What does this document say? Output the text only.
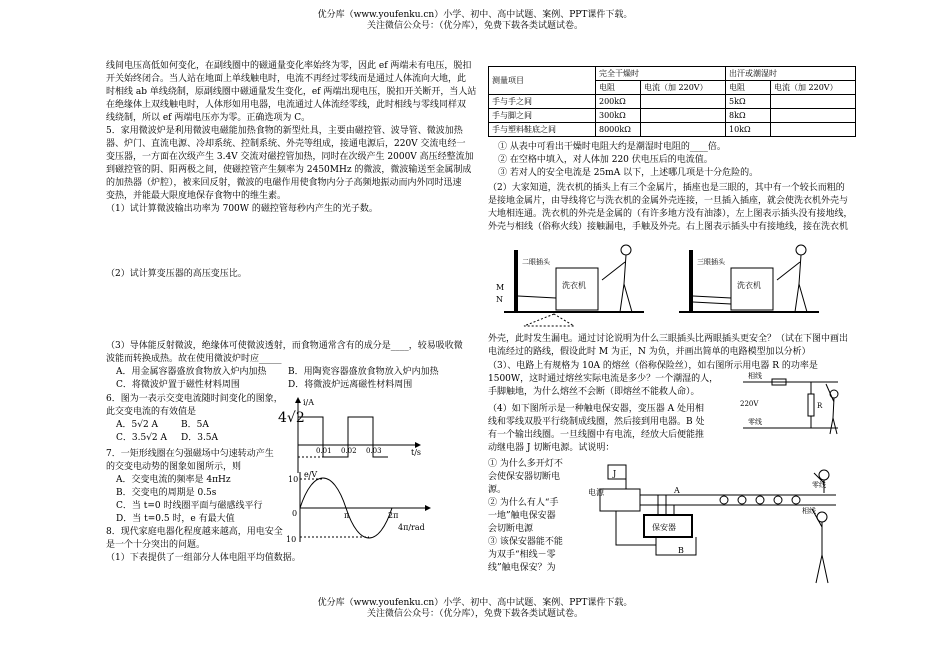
优分库（www.youfenku.cn）小学、初中、高中试题、案例、PPT课件下载。
关注微信公众号：（优分库），免费下载各类试题试卷。
线间电压高低如何变化，在副线圈中的磁通量变化率始终为零，因此 ef 两端未有电压，脱扣
开关始终闭合。当人站在地面上单线触电时，电流不再经过零线而是通过人体流向大地，此
时相线 ab 单线绕制，原副线圈中磁通量发生变化，ef 两端出现电压，脱扣开关断开，当人站
在绝缘体上双线触电时，人体形如用电器，电流通过人体流经零线，此时相线与零线同样双
线绕制，所以 ef 两端电压亦为零。正确选项为 C。
5．家用微波炉是利用微波电磁能加热食物的新型灶具，主要由磁控管、波导管、微波加热
器、炉门、直流电源、冷却系统、控制系统、外壳等组成，接通电源后，220V 交流电经一
变压器，一方面在次级产生 3.4V 交流对磁控管加热，同时在次级产生 2000V 高压经整流加
到磁控管的阴、阳两极之间，使磁控管产生频率为 2450MHz 的微波，微波输送至金属制成
的加热器（炉腔），被来回反射，微波的电磁作用使食物内分子高频地振动而内外同时迅速
变热，并能最大限度地保存食物中的维生素。
（1）试计算微波输出功率为 700W 的磁控管每秒内产生的光子数。
（2）试计算变压器的高压变压比。
（3）导体能反射微波，绝缘体可使微波透射，而食物通常含有的成分是____，较易吸收微
波能而转换成热。故在使用微波炉时应_____
A．用金属容器盛放食物放入炉内加热 B．用陶瓷容器盛放食物放入炉内加热
C．将微波炉置于磁性材料周围	D．将微波炉远离磁性材料周围
6．图为一表示交变电流随时间变化的图象，
此交变电流的有效值是
A．5√2 A	B．5A
C．3.5√2 A D．3.5A
7．一矩形线圈在匀强磁场中匀速转动产生
的交变电动势的图象如图所示，则
A．交变电流的频率是 4πHz
B．交变电的周期是 0.5s
C．当 t=0 时线圈平面与磁感线平行
D．当 t=0.5 时，e 有最大值
8．现代家庭电器化程度越来越高，用电安全
是一个十分突出的问题。
（1）下表提供了一组部分人体电阻平均值数据。
i/A
4√2
0.01 0.02 0.03	t/s
e/V
10
0	π	2π
4π/rad
10
测量项目	完全干燥时		出汗或潮湿时	
	电阻	电流（加 220V）	电阻	电流（加 220V）
手与手之间	200kΩ		5kΩ	
手与脚之间	300kΩ		8kΩ	
手与塑料鞋底之间	8000kΩ		10kΩ	
① 从表中可看出干燥时电阻大约是潮湿时电阻的____倍。
② 在空格中填入，对人体加 220 伏电压后的电流值。
③ 若对人的安全电流是 25mA 以下，上述哪几项是十分危险的。
（2）大家知道，洗衣机的插头上有三个金属片，插座也是三眼的，其中有一个较长而粗的
是接地金属片，由导线将它与洗衣机的金属外壳连接，一旦插入插座，就会使洗衣机外壳与
大地相连通。洗衣机的外壳是金属的（有许多地方没有油漆），左上图表示插头没有接地线，
外壳与相线（俗称火线）接触漏电，手触及外壳。右上图表示插头中有接地线，接在洗衣机
洗衣机
二眼插头
M
N
洗衣机
三眼插头
外壳，此时发生漏电。通过讨论说明为什么三眼插头比两眼插头更安全？（试在下图中画出
电流经过的路线，假设此时 M 为正，N 为负，并画出简单的电路模型加以分析）
（3）、电路上有规格为 10A 的熔丝（俗称保险丝），如右图所示用电器 R 的功率是
1500W，这时通过熔丝实际电流是多少？一个潮湿的人，
手脚触地，为什么熔丝不会断（即熔丝不能救人命）。
相线
零线
220V	R
（4）如下图所示是一种触电保安器，变压器 A 处用相
线和零线双股平行绕制成线圈，然后接到用电器。B 处
有一个输出线圈。一旦线圈中有电流，经放大后便能推
动继电器 J 切断电源。试说明：
① 为什么多开灯不
会使保安器切断电
源。
② 为什么有人“手
一地”触电保安器
会切断电源
③ 该保安器能不能
为双手“相线－零
线”触电保安？为
J
电源
保安器
A
B
零线
相线
优分库（www.youfenku.cn）小学、初中、高中试题、案例、PPT课件下载。
关注微信公众号：（优分库），免费下载各类试题试卷。
